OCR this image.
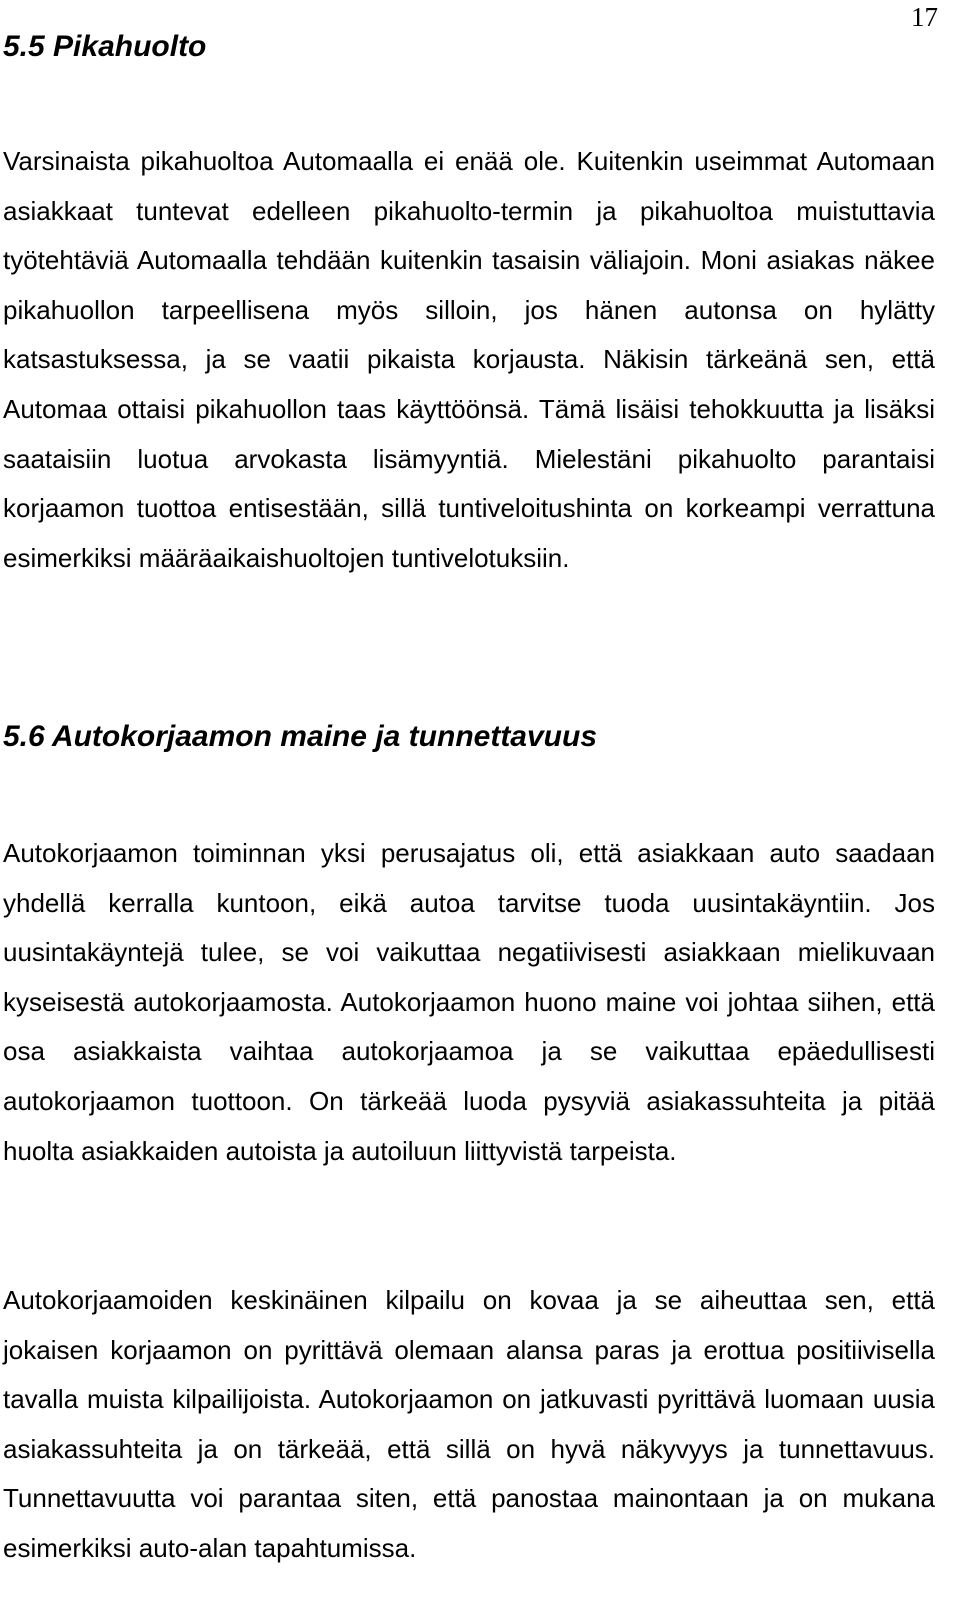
17
5.5 Pikahuolto

Varsinaista pikahuoltoa Automaalla ei enää ole. Kuitenkin useimmat Automaan asiakkaat tuntevat edelleen pikahuolto-termin ja pikahuoltoa muistuttavia työtehtäviä Automaalla tehdään kuitenkin tasaisin väliajoin. Moni asiakas näkee pikahuollon tarpeellisena myös silloin, jos hänen autonsa on hylätty katsastuksessa, ja se vaatii pikaista korjausta. Näkisin tärkeänä sen, että Automaa ottaisi pikahuollon taas käyttöönsä. Tämä lisäisi tehokkuutta ja lisäksi saataisiin luotua arvokasta lisämyyntiä. Mielestäni pikahuolto parantaisi korjaamon tuottoa entisestään, sillä tuntiveloitushinta on korkeampi verrattuna esimerkiksi määräaikaishuoltojen tuntivelotuksiin.

5.6 Autokorjaamon maine ja tunnettavuus

Autokorjaamon toiminnan yksi perusajatus oli, että asiakkaan auto saadaan yhdellä kerralla kuntoon, eikä autoa tarvitse tuoda uusintakäyntiin. Jos uusintakäyntejä tulee, se voi vaikuttaa negatiivisesti asiakkaan mielikuvaan kyseisestä autokorjaamosta. Autokorjaamon huono maine voi johtaa siihen, että osa asiakkaista vaihtaa autokorjaamoa ja se vaikuttaa epäedullisesti autokorjaamon tuottoon. On tärkeää luoda pysyviä asiakassuhteita ja pitää huolta asiakkaiden autoista ja autoiluun liittyvistä tarpeista.

Autokorjaamoiden keskinäinen kilpailu on kovaa ja se aiheuttaa sen, että jokaisen korjaamon on pyrittävä olemaan alansa paras ja erottua positiivisella tavalla muista kilpailijoista. Autokorjaamon on jatkuvasti pyrittävä luomaan uusia asiakassuhteita ja on tärkeää, että sillä on hyvä näkyvyys ja tunnettavuus. Tunnettavuutta voi parantaa siten, että panostaa mainontaan ja on mukana esimerkiksi auto-alan tapahtumissa.
